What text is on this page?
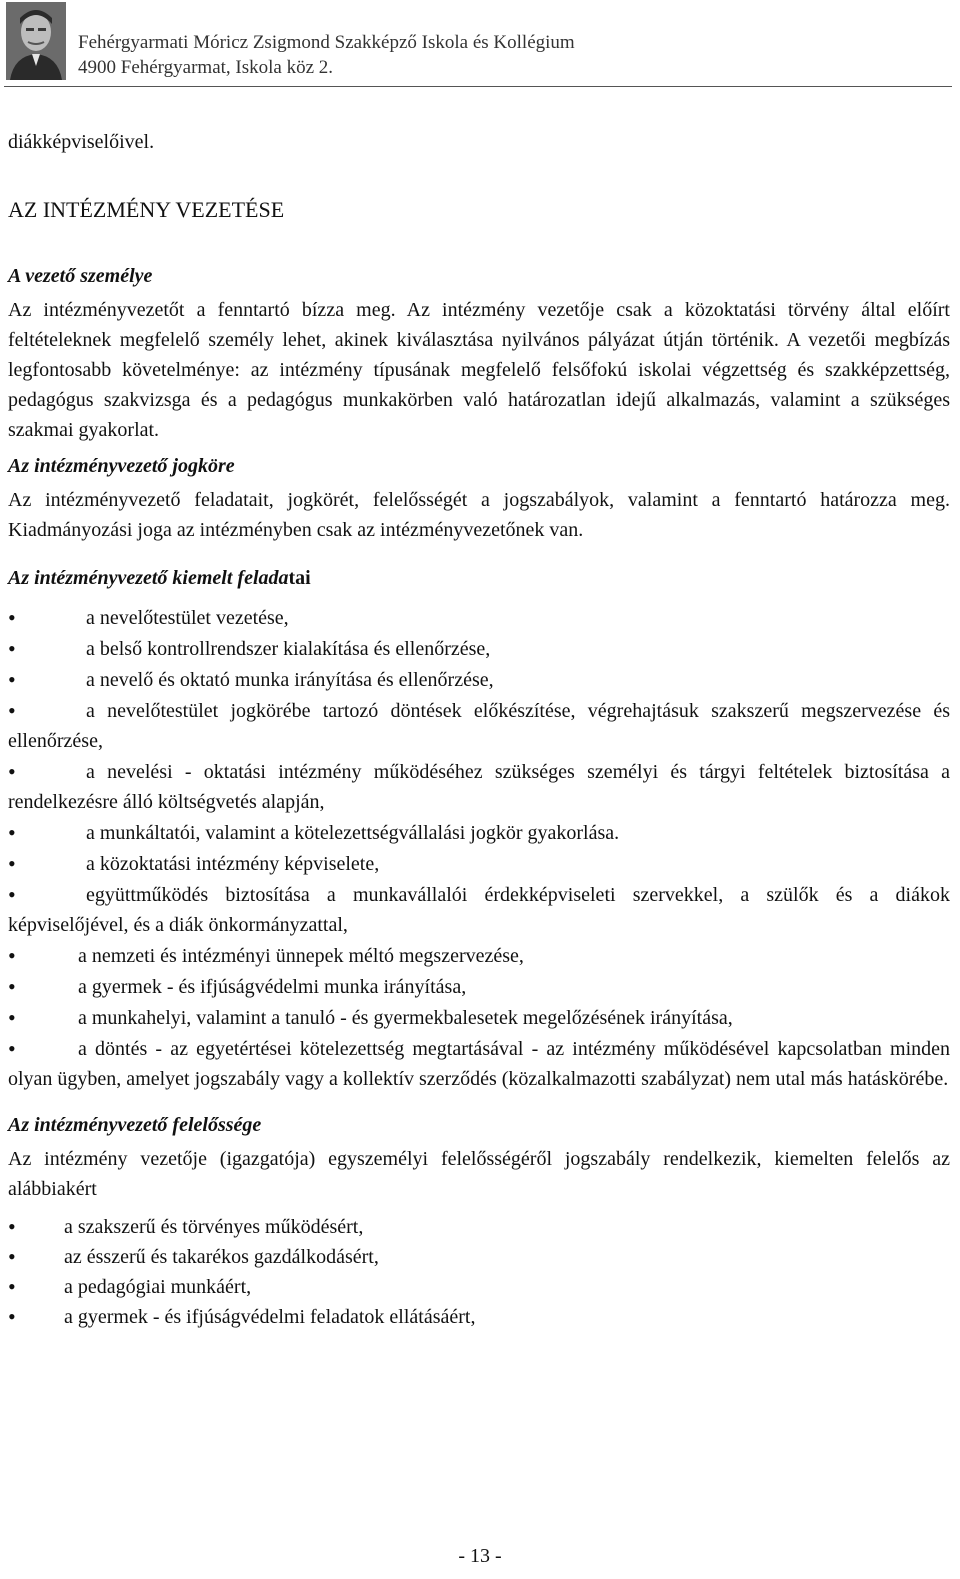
Fehérgyarmati Móricz Zsigmond Szakképző Iskola és Kollégium
4900 Fehérgyarmat, Iskola köz 2.

diákképviselőivel.

AZ INTÉZMÉNY VEZETÉSE

A vezető személye

Az intézményvezetőt a fenntartó bízza meg. Az intézmény vezetője csak a közoktatási törvény által előírt feltételeknek megfelelő személy lehet, akinek kiválasztása nyilvános pályázat útján történik. A vezetői megbízás legfontosabb követelménye: az intézmény típusának megfelelő felsőfokú iskolai végzettség és szakképzettség, pedagógus szakvizsga és a pedagógus munkakörben való határozatlan idejű alkalmazás, valamint a szükséges szakmai gyakorlat.

Az intézményvezető jogköre

Az intézményvezető feladatait, jogkörét, felelősségét a jogszabályok, valamint a fenntartó határozza meg. Kiadmányozási joga az intézményben csak az intézményvezetőnek van.

Az intézményvezető kiemelt feladatai

• a nevelőtestület vezetése,
• a belső kontrollrendszer kialakítása és ellenőrzése,
• a nevelő és oktató munka irányítása és ellenőrzése,
• a nevelőtestület jogkörébe tartozó döntések előkészítése, végrehajtásuk szakszerű megszervezése és ellenőrzése,
• a nevelési ‐ oktatási intézmény működéséhez szükséges személyi és tárgyi feltételek biztosítása a rendelkezésre álló költségvetés alapján,
• a munkáltatói, valamint a kötelezettségvállalási jogkör gyakorlása.
• a közoktatási intézmény képviselete,
• együttműködés biztosítása a munkavállalói érdekképviseleti szervekkel, a szülők és a diákok képviselőjével, és a diák önkormányzattal,
• a nemzeti és intézményi ünnepek méltó megszervezése,
• a gyermek ‐ és ifjúságvédelmi munka irányítása,
• a munkahelyi, valamint a tanuló ‐ és gyermekbalesetek megelőzésének irányítása,
• a döntés ‐ az egyetértései kötelezettség megtartásával ‐ az intézmény működésével kapcsolatban minden olyan ügyben, amelyet jogszabály vagy a kollektív szerződés (közalkalmazotti szabályzat) nem utal más hatáskörébe.

Az intézményvezető felelőssége

Az intézmény vezetője (igazgatója) egyszemélyi felelősségéről jogszabály rendelkezik, kiemelten felelős az alábbiakért

• a szakszerű és törvényes működésért,
• az ésszerű és takarékos gazdálkodásért,
• a pedagógiai munkáért,
• a gyermek ‐ és ifjúságvédelmi feladatok ellátásáért,
- 13 -
